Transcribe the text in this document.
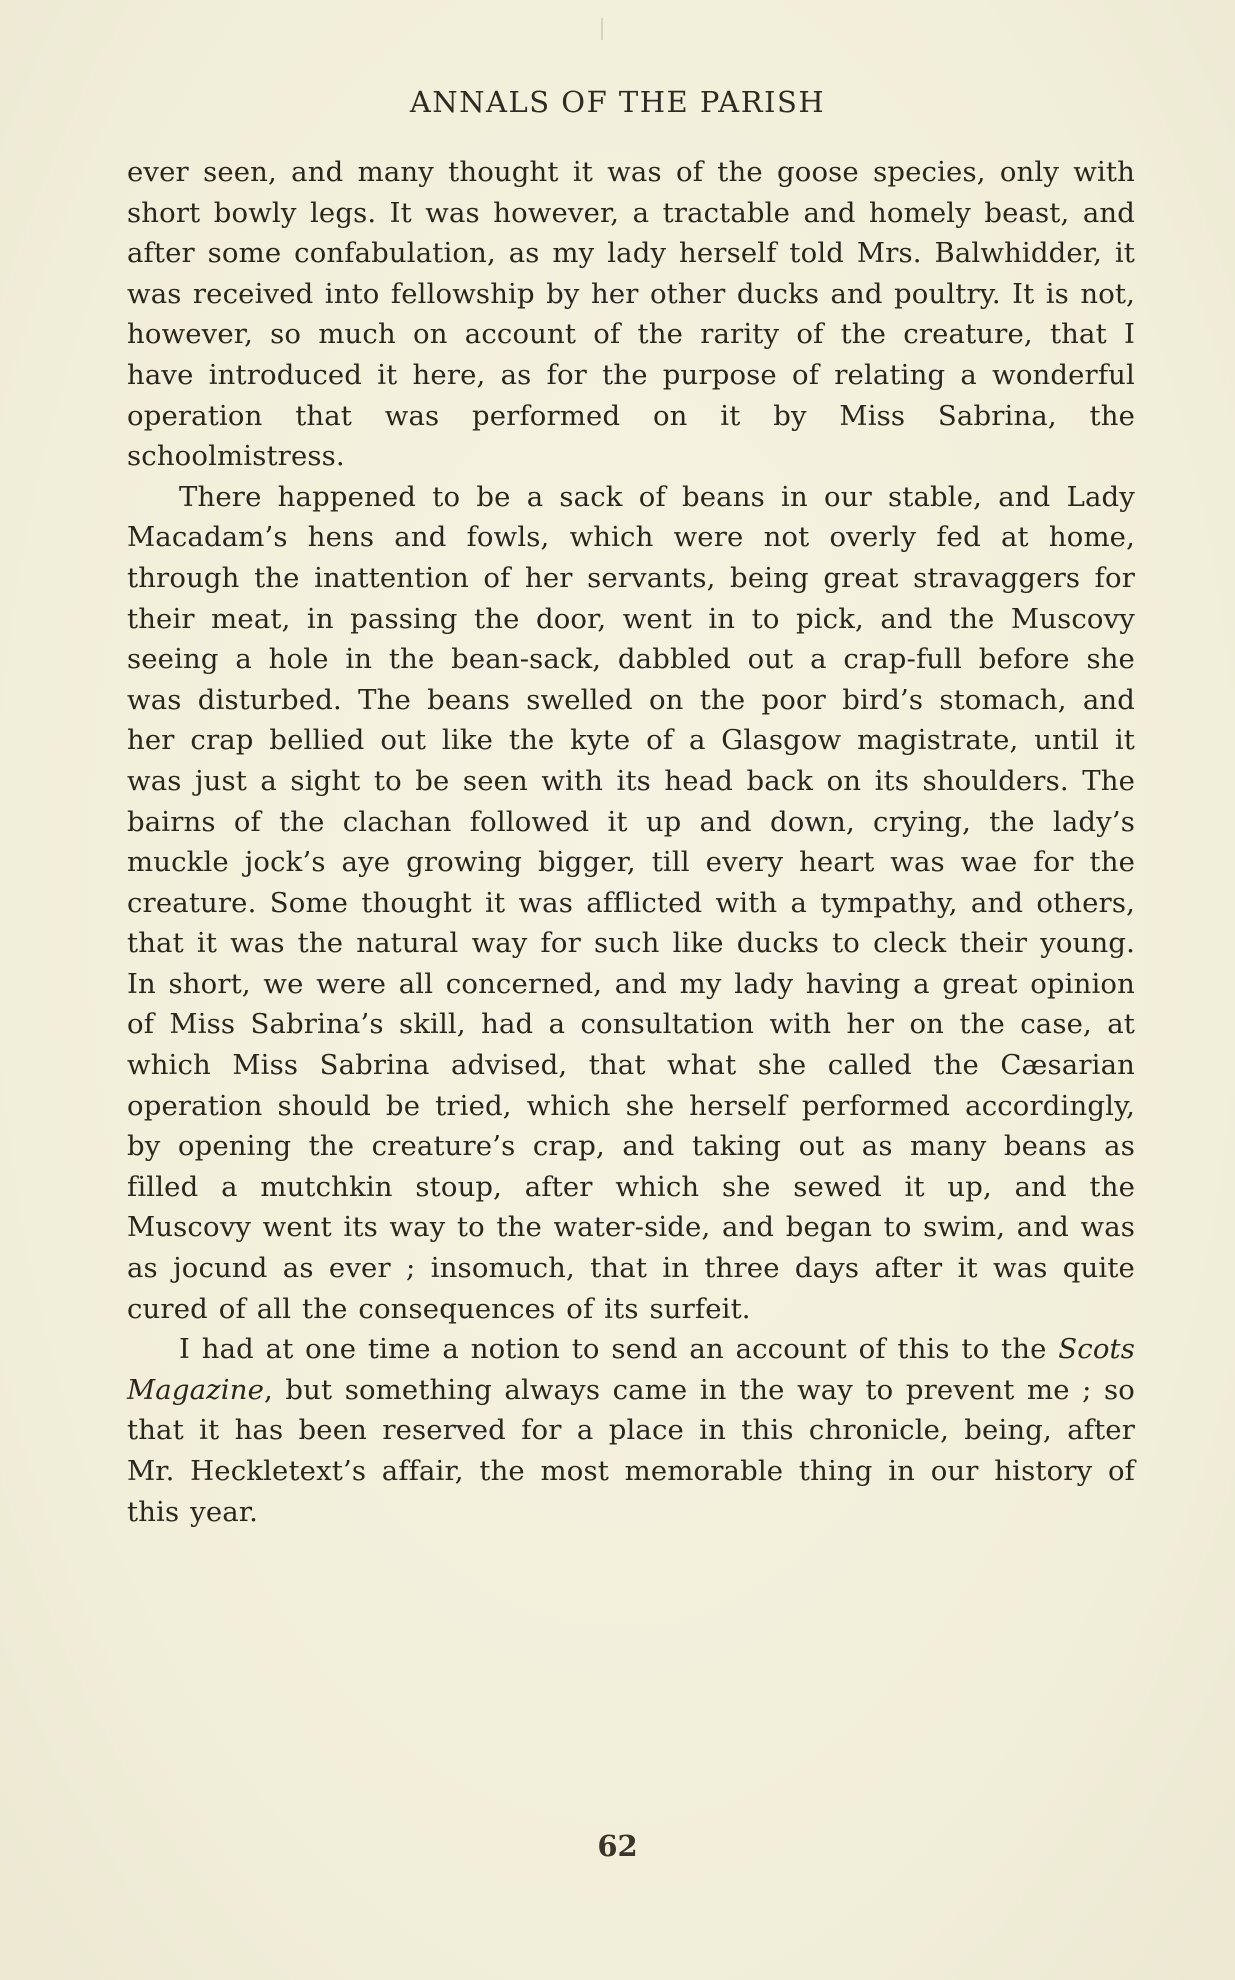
ANNALS OF THE PARISH

ever seen, and many thought it was of the goose species, only with short bowly legs. It was however, a tractable and homely beast, and after some confabulation, as my lady herself told Mrs. Balwhidder, it was received into fellowship by her other ducks and poultry. It is not, however, so much on account of the rarity of the creature, that I have introduced it here, as for the purpose of relating a wonderful operation that was performed on it by Miss Sabrina, the schoolmistress.

There happened to be a sack of beans in our stable, and Lady Macadam’s hens and fowls, which were not overly fed at home, through the inattention of her servants, being great stravaggers for their meat, in passing the door, went in to pick, and the Muscovy seeing a hole in the bean-sack, dabbled out a crap-full before she was disturbed. The beans swelled on the poor bird’s stomach, and her crap bellied out like the kyte of a Glasgow magistrate, until it was just a sight to be seen with its head back on its shoulders. The bairns of the clachan followed it up and down, crying, the lady’s muckle jock’s aye growing bigger, till every heart was wae for the creature. Some thought it was afflicted with a tympathy, and others, that it was the natural way for such like ducks to cleck their young. In short, we were all concerned, and my lady having a great opinion of Miss Sabrina’s skill, had a consultation with her on the case, at which Miss Sabrina advised, that what she called the Cæsarian operation should be tried, which she herself performed accordingly, by opening the creature’s crap, and taking out as many beans as filled a mutchkin stoup, after which she sewed it up, and the Muscovy went its way to the water-side, and began to swim, and was as jocund as ever ; insomuch, that in three days after it was quite cured of all the consequences of its surfeit.

I had at one time a notion to send an account of this to the Scots Magazine, but something always came in the way to prevent me ; so that it has been reserved for a place in this chronicle, being, after Mr. Heckletext’s affair, the most memorable thing in our history of this year.

62
